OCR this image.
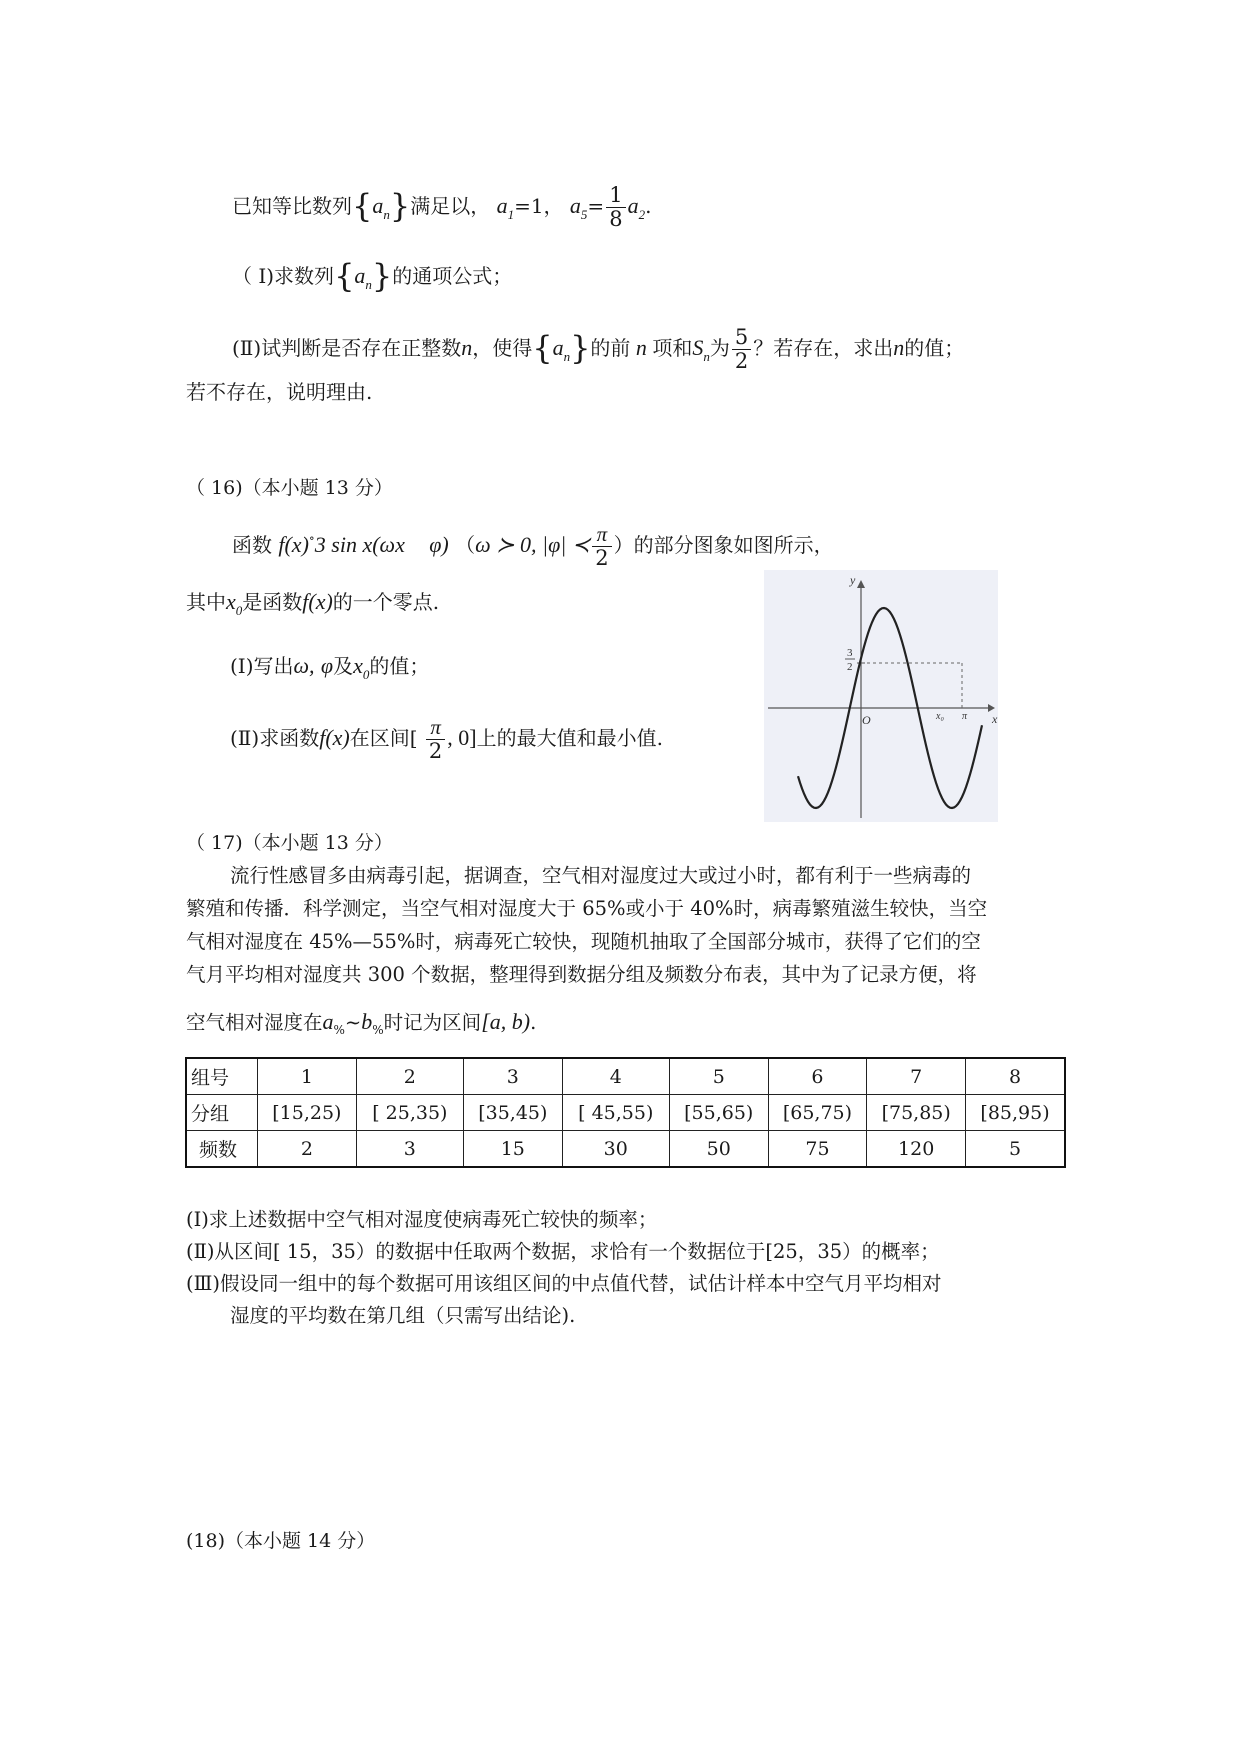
已知等比数列$\{a_n\}$满足以， $a_1=1$， $a_5= \frac{1}{8} a_2$.
（ I)求数列$\{a_n\}$的通项公式；
(Ⅱ)试判断是否存在正整数n，使得$\{a_n\}$的前 n 项和$S_n$为 $\frac{5}{2}$ ？若存在，求出n的值；
若不存在，说明理由.
（ 16)（本小题 13 分）
函数 f(x)∘3 sin x(ωx φ) （ω ≻ 0, |φ| ≺ $\frac{\pi}{2}$ ）的部分图象如图所示，
其中$x_0$是函数f(x)的一个零点.
(I)写出ω, φ及$x_0$的值；
(Ⅱ)求函数f(x)在区间[ $\frac{\pi}{2}$ , 0]上的最大值和最小值.
y
x
O	x₀ π
3
2
（ 17)（本小题 13 分）
流行性感冒多由病毒引起，据调查，空气相对湿度过大或过小时，都有利于一些病毒的
繁殖和传播．科学测定，当空气相对湿度大于 65%或小于 40%时，病毒繁殖滋生较快，当空
气相对湿度在 45%—55%时，病毒死亡较快，现随机抽取了全国部分城市，获得了它们的空
气月平均相对湿度共 300 个数据，整理得到数据分组及频数分布表，其中为了记录方便，将
空气相对湿度在$a_{\%}\sim b_{\%}$时记为区间[a, b).
组号	1	2	3	4	5	6	7	8
分组	[15,25)	[ 25,35)	[35,45)	[ 45,55)	[55,65)	[65,75)	[75,85)	[85,95)
频数	2	3	15	30	50	75	120	5
(I)求上述数据中空气相对湿度使病毒死亡较快的频率；
(Ⅱ)从区间[ 15，35）的数据中任取两个数据，求恰有一个数据位于[25，35）的概率；
(Ⅲ)假设同一组中的每个数据可用该组区间的中点值代替，试估计样本中空气月平均相对
湿度的平均数在第几组（只需写出结论).
(18)（本小题 14 分）
